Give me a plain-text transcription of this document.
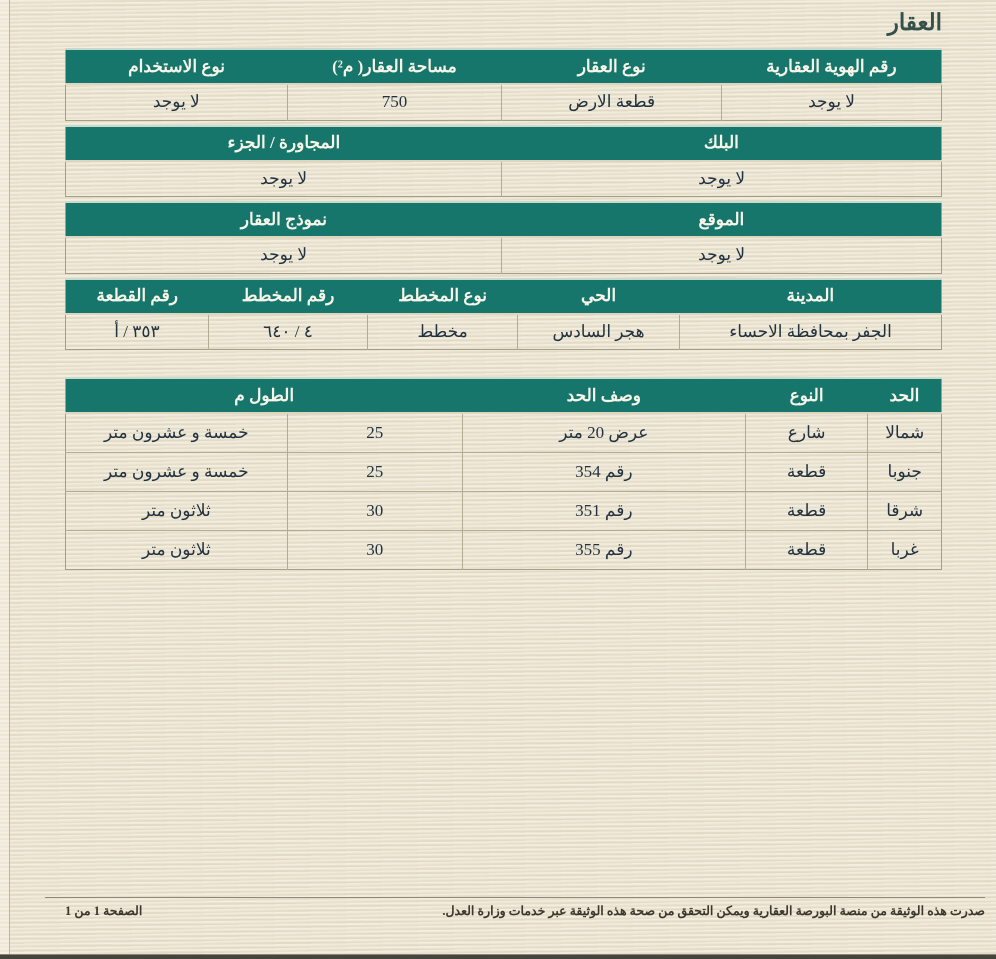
العقار
رقم الهوية العقارية	نوع العقار	مساحة العقار( م²)	نوع الاستخدام
لا يوجد	قطعة الارض	750	لا يوجد
البلك	المجاورة / الجزء
لا يوجد	لا يوجد
الموقع	نموذج العقار
لا يوجد	لا يوجد
المدينة	الحي	نوع المخطط	رقم المخطط	رقم القطعة
الجفر بمحافظة الاحساء	هجر السادس	مخطط	٤ / ٦٤٠	٣٥٣ / أ
الحد	النوع	وصف الحد	الطول م	
شمالا	شارع	عرض 20 متر	25	خمسة و عشرون متر
جنوبا	قطعة	رقم 354	25	خمسة و عشرون متر
شرقا	قطعة	رقم 351	30	ثلاثون متر
غربا	قطعة	رقم 355	30	ثلاثون متر
صدرت هذه الوثيقة من منصة البورصة العقارية ويمكن التحقق من صحة هذه الوثيقة عبر خدمات وزارة العدل.
الصفحة 1 من 1
